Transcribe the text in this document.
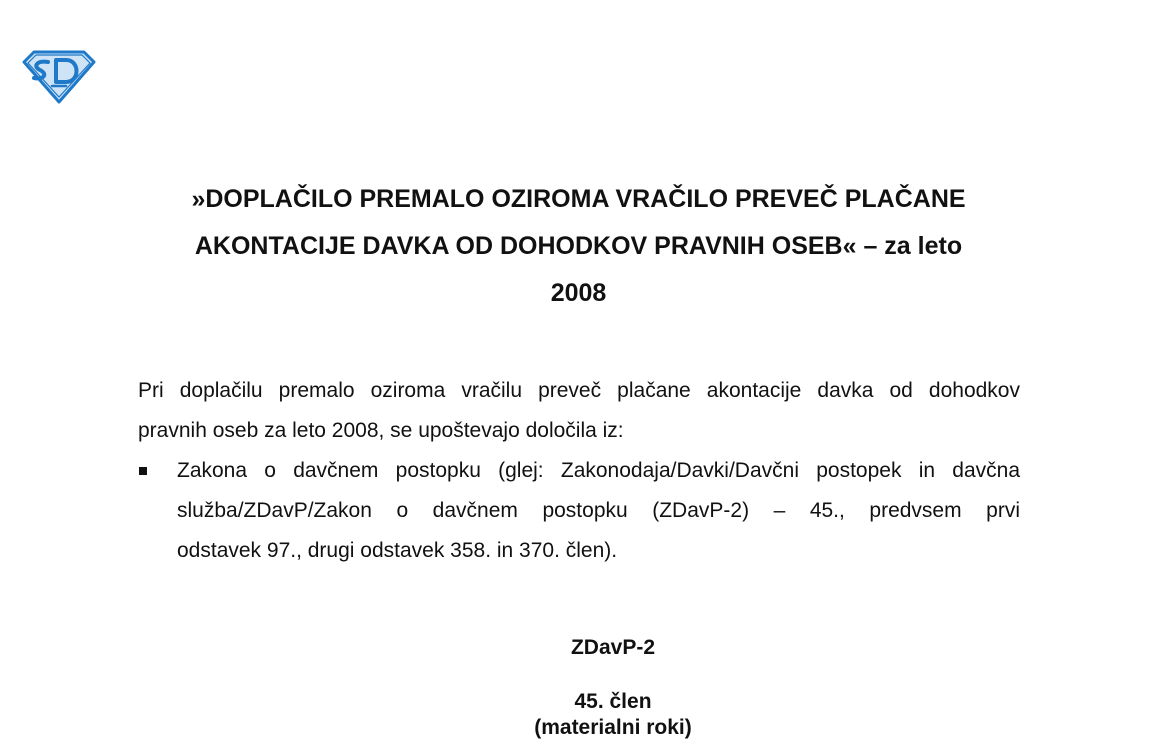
»DOPLAČILO PREMALO OZIROMA VRAČILO PREVEČ PLAČANE
AKONTACIJE DAVKA OD DOHODKOV PRAVNIH OSEB« – za leto
2008

Pri doplačilu premalo oziroma vračilu preveč plačane akontacije davka od dohodkov
pravnih oseb za leto 2008, se upoštevajo določila iz:

Zakona o davčnem postopku (glej: Zakonodaja/Davki/Davčni postopek in davčna
služba/ZDavP/Zakon o davčnem postopku (ZDavP-2) – 45., predvsem prvi
odstavek 97., drugi odstavek 358. in 370. člen).

ZDavP-2

45. člen
(materialni roki)
